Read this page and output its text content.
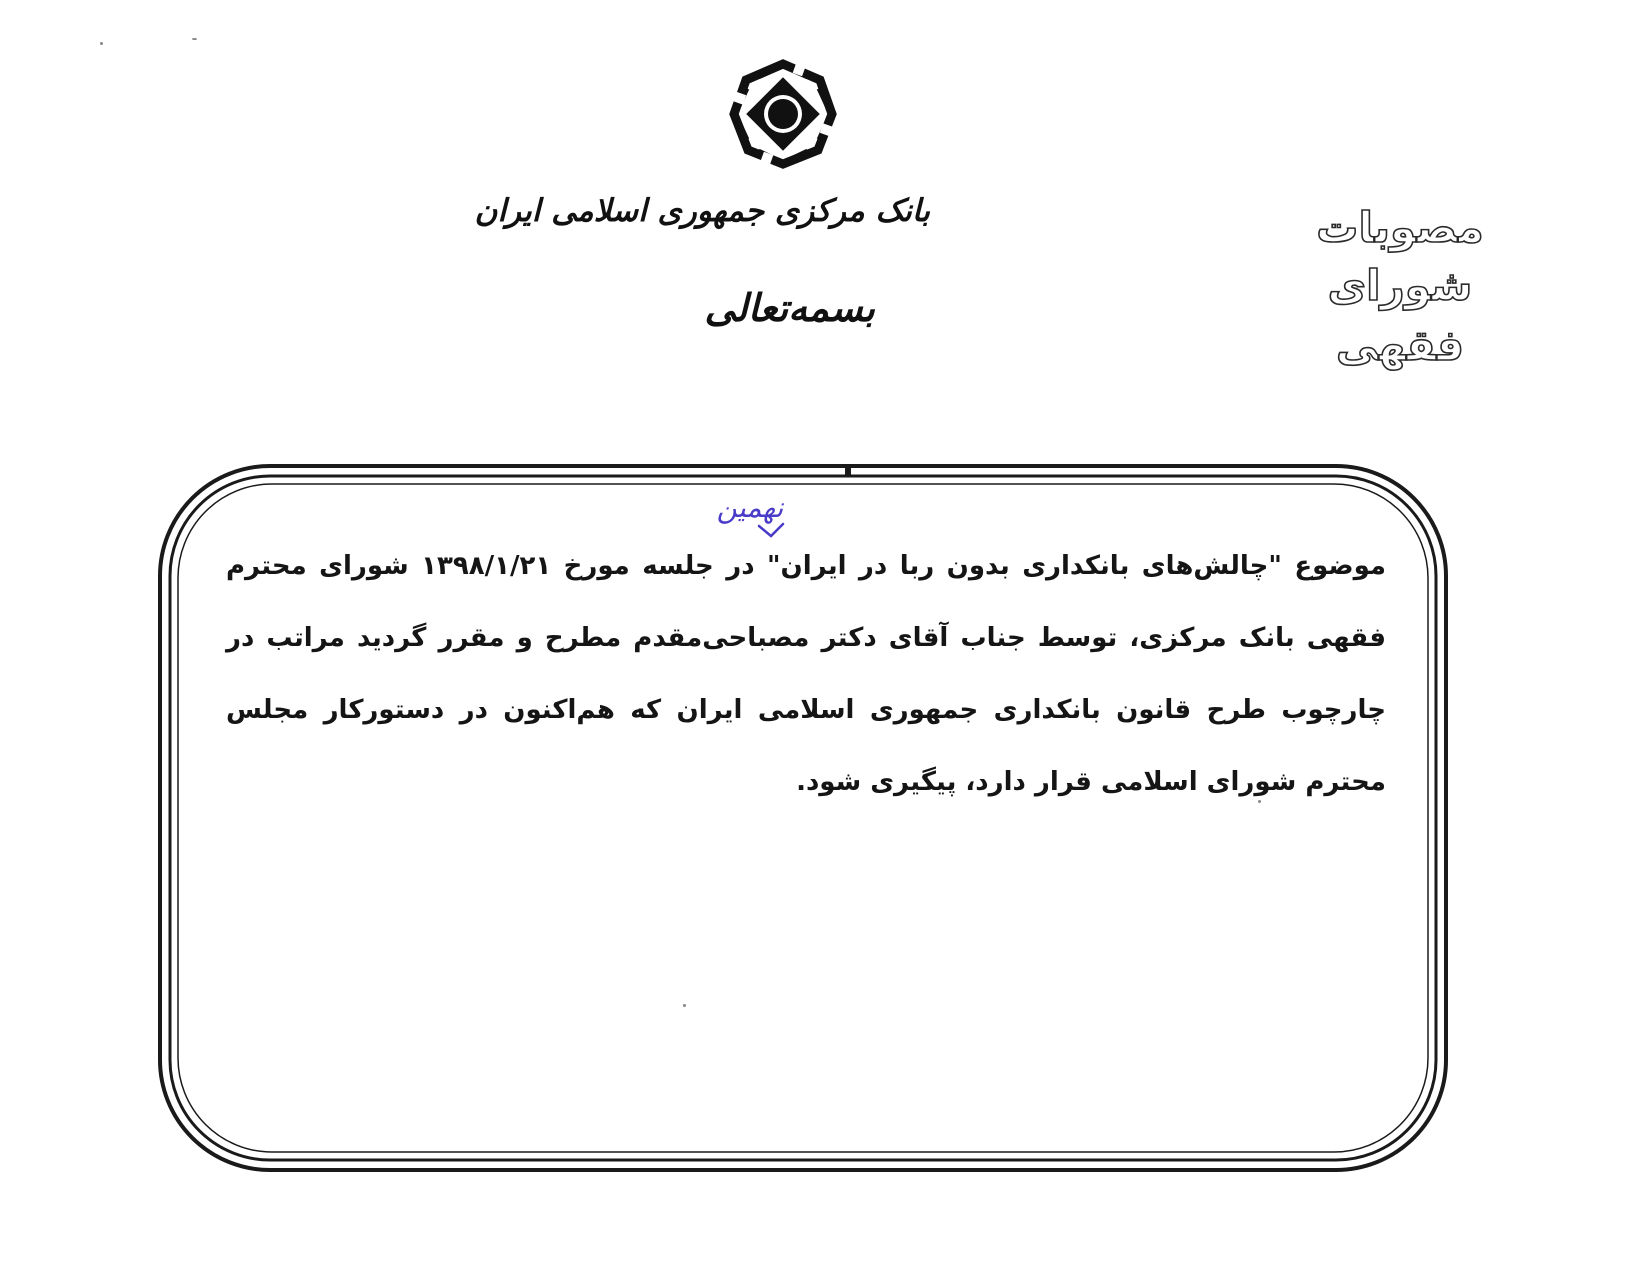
بانک مرکزی جمهوری اسلامی ایران
بسمه‌تعالی
مصوبات
شورای فقهی
نهمین

موضوع "چالش‌های بانکداری بدون ربا در ایران" در جلسه مورخ ۱۳۹۸/۱/۲۱ شورای محترم فقهی بانک مرکزی، توسط جناب آقای دکتر مصباحی‌مقدم مطرح و مقرر گردید مراتب در چارچوب طرح قانون بانکداری جمهوری اسلامی ایران که هم‌اکنون در دستورکار مجلس محترم شورای اسلامی قرار دارد، پیگیری شود.
